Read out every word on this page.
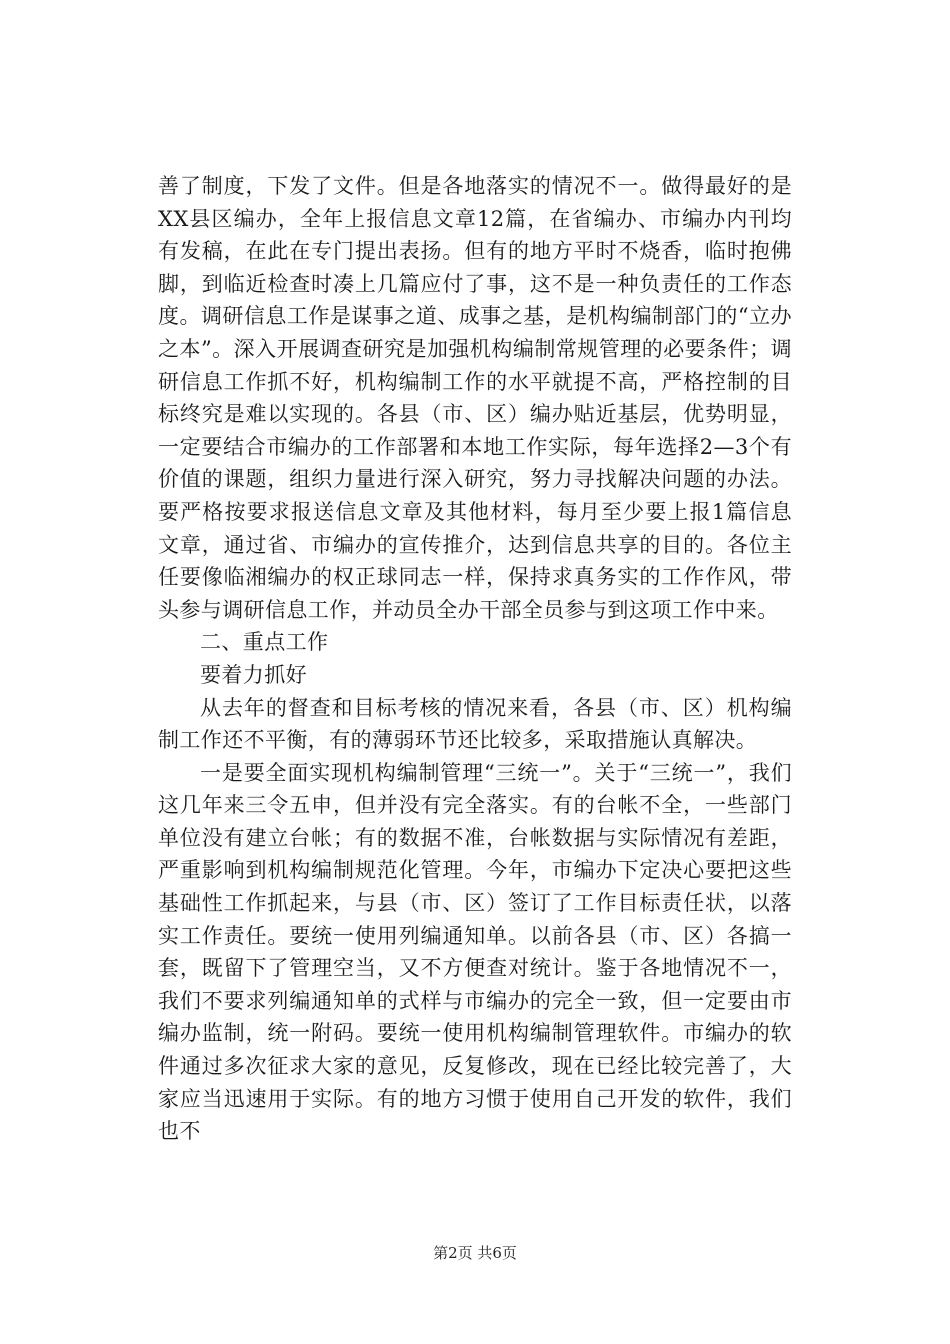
善了制度，下发了文件。但是各地落实的情况不一。做得最好的是XX县区编办，全年上报信息文章12篇，在省编办、市编办内刊均有发稿，在此在专门提出表扬。但有的地方平时不烧香，临时抱佛脚，到临近检查时凑上几篇应付了事，这不是一种负责任的工作态度。调研信息工作是谋事之道、成事之基，是机构编制部门的“立办之本”。深入开展调查研究是加强机构编制常规管理的必要条件；调研信息工作抓不好，机构编制工作的水平就提不高，严格控制的目标终究是难以实现的。各县（市、区）编办贴近基层，优势明显，一定要结合市编办的工作部署和本地工作实际，每年选择2—3个有价值的课题，组织力量进行深入研究，努力寻找解决问题的办法。要严格按要求报送信息文章及其他材料，每月至少要上报1篇信息文章，通过省、市编办的宣传推介，达到信息共享的目的。各位主任要像临湘编办的权正球同志一样，保持求真务实的工作作风，带头参与调研信息工作，并动员全办干部全员参与到这项工作中来。

二、重点工作

要着力抓好

从去年的督查和目标考核的情况来看，各县（市、区）机构编制工作还不平衡，有的薄弱环节还比较多，采取措施认真解决。

一是要全面实现机构编制管理“三统一”。关于“三统一”，我们这几年来三令五申，但并没有完全落实。有的台帐不全，一些部门单位没有建立台帐；有的数据不准，台帐数据与实际情况有差距，严重影响到机构编制规范化管理。今年，市编办下定决心要把这些基础性工作抓起来，与县（市、区）签订了工作目标责任状，以落实工作责任。要统一使用列编通知单。以前各县（市、区）各搞一套，既留下了管理空当，又不方便查对统计。鉴于各地情况不一，我们不要求列编通知单的式样与市编办的完全一致，但一定要由市编办监制，统一附码。要统一使用机构编制管理软件。市编办的软件通过多次征求大家的意见，反复修改，现在已经比较完善了，大家应当迅速用于实际。有的地方习惯于使用自己开发的软件，我们也不

第2页 共6页
